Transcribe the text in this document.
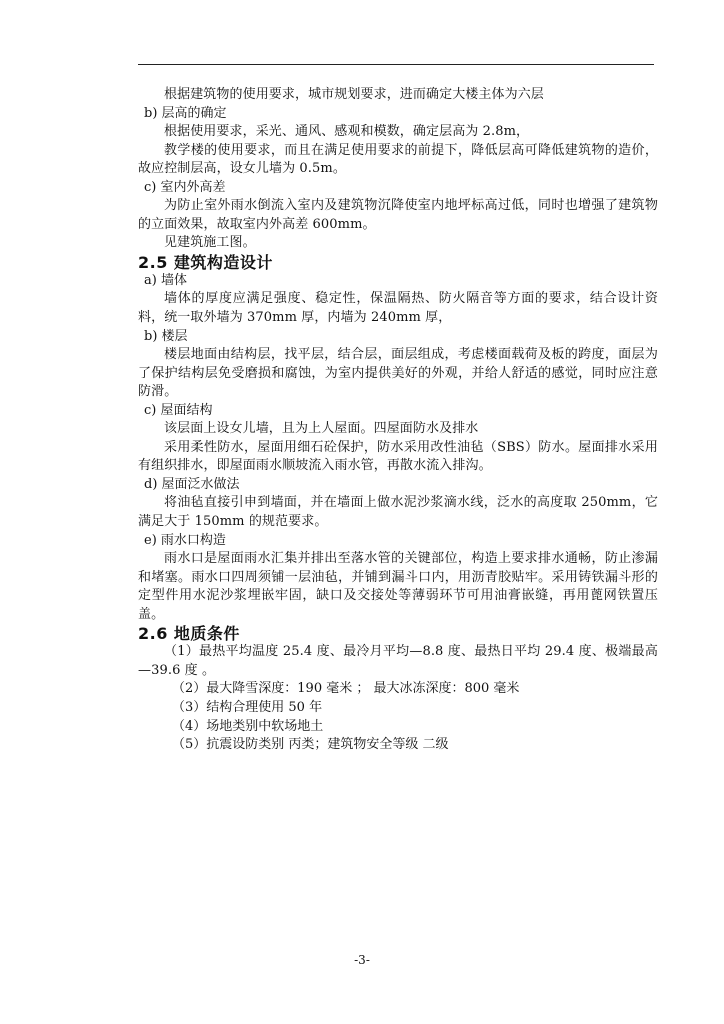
根据建筑物的使用要求，城市规划要求，进而确定大楼主体为六层

b) 层高的确定

根据使用要求，采光、通风、感观和模数，确定层高为 2.8m，

教学楼的使用要求，而且在满足使用要求的前提下，降低层高可降低建筑物的造价，故应控制层高，设女儿墙为 0.5m。

c) 室内外高差

为防止室外雨水倒流入室内及建筑物沉降使室内地坪标高过低，同时也增强了建筑物的立面效果，故取室内外高差 600mm。

见建筑施工图。

2.5 建筑构造设计

a) 墙体

墙体的厚度应满足强度、稳定性，保温隔热、防火隔音等方面的要求，结合设计资料，统一取外墙为 370mm 厚，内墙为 240mm 厚，

b) 楼层

楼层地面由结构层，找平层，结合层，面层组成，考虑楼面载荷及板的跨度，面层为了保护结构层免受磨损和腐蚀，为室内提供美好的外观，并给人舒适的感觉，同时应注意防滑。

c) 屋面结构

该层面上设女儿墙，且为上人屋面。四屋面防水及排水

采用柔性防水，屋面用细石砼保护，防水采用改性油毡（SBS）防水。屋面排水采用有组织排水，即屋面雨水顺坡流入雨水管，再散水流入排沟。

d) 屋面泛水做法

将油毡直接引申到墙面，并在墙面上做水泥沙浆滴水线，泛水的高度取 250mm，它满足大于 150mm 的规范要求。

e) 雨水口构造

雨水口是屋面雨水汇集并排出至落水管的关键部位，构造上要求排水通畅，防止渗漏和堵塞。雨水口四周须铺一层油毡，并铺到漏斗口内，用沥青胶贴牢。采用铸铁漏斗形的定型件用水泥沙浆埋嵌牢固，缺口及交接处等薄弱环节可用油膏嵌缝，再用蓖网铁置压盖。

2.6 地质条件

（1）最热平均温度 25.4 度、最冷月平均—8.8 度、最热日平均 29.4 度、极端最高—39.6 度 。

（2）最大降雪深度：190 毫米 ； 最大冰冻深度：800 毫米

（3）结构合理使用 50 年

（4）场地类别中软场地土

（5）抗震设防类别 丙类；建筑物安全等级 二级

-3-
